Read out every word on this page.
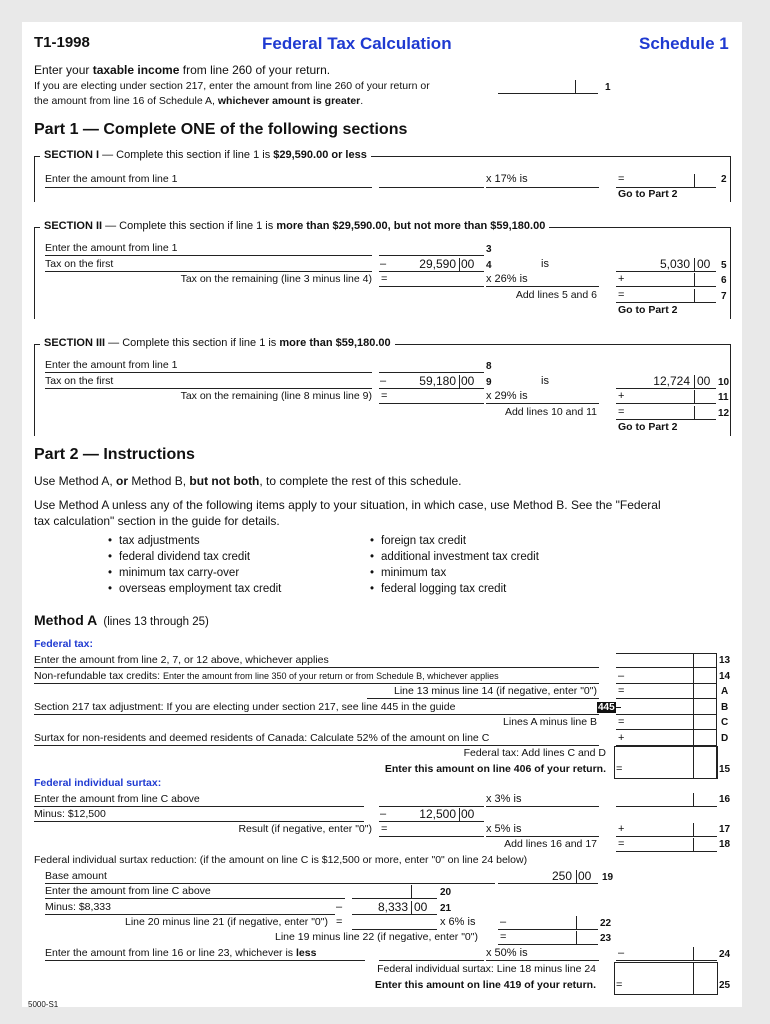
T1-1998	Federal Tax Calculation	Schedule 1
Enter your taxable income from line 260 of your return.
If you are electing under section 217, enter the amount from line 260 of your return or
the amount from line 16 of Schedule A, whichever amount is greater.
1
Part 1 — Complete ONE of the following sections
SECTION I — Complete this section if line 1 is $29,590.00 or less
Enter the amount from line 1	x 17% is	=	2
Go to Part 2
SECTION II — Complete this section if line 1 is more than $29,590.00, but not more than $59,180.00
Enter the amount from line 1	3
Tax on the first	–	29,590 00 4	is	5,030 00 5
Tax on the remaining (line 3 minus line 4) =	x 26% is	+	6
Add lines 5 and 6 =	7
Go to Part 2
SECTION III — Complete this section if line 1 is more than $59,180.00
Enter the amount from line 1	8
Tax on the first	–	59,180 00 9	is	12,724 00 10
Tax on the remaining (line 8 minus line 9) =	x 29% is	+	11
Add lines 10 and 11 =	12
Go to Part 2
Part 2 — Instructions
Use Method A, or Method B, but not both, to complete the rest of this schedule.
Use Method A unless any of the following items apply to your situation, in which case, use Method B. See the "Federal
tax calculation" section in the guide for details.
• tax adjustments
• federal dividend tax credit
• minimum tax carry-over
• overseas employment tax credit
• foreign tax credit
• additional investment tax credit
• minimum tax
• federal logging tax credit
Method A (lines 13 through 25)
Federal tax:
Enter the amount from line 2, 7, or 12 above, whichever applies	13
Non-refundable tax credits: Enter the amount from line 350 of your return or from Schedule B, whichever applies	–	14
Line 13 minus line 14 (if negative, enter "0") =	A
Section 217 tax adjustment: If you are electing under section 217, see line 445 in the guide	445–	B
Lines A minus line B =	C
Surtax for non-residents and deemed residents of Canada: Calculate 52% of the amount on line C	+	D
Federal tax: Add lines C and D
Enter this amount on line 406 of your return. =	15
Federal individual surtax:
Enter the amount from line C above	x 3% is	16
Minus: $12,500	–	12,500 00
Result (if negative, enter "0") =	x 5% is	+	17
Add lines 16 and 17 =	18
Federal individual surtax reduction: (if the amount on line C is $12,500 or more, enter "0" on line 24 below)
Base amount	250 00 19
Enter the amount from line C above	20
Minus: $8,333	–	8,333 00 21
Line 20 minus line 21 (if negative, enter "0") =	x 6% is –	22
Line 19 minus line 22 (if negative, enter "0") =	23
Enter the amount from line 16 or line 23, whichever is less	x 50% is	–	24
Federal individual surtax: Line 18 minus line 24
Enter this amount on line 419 of your return. =	25
5000-S1
